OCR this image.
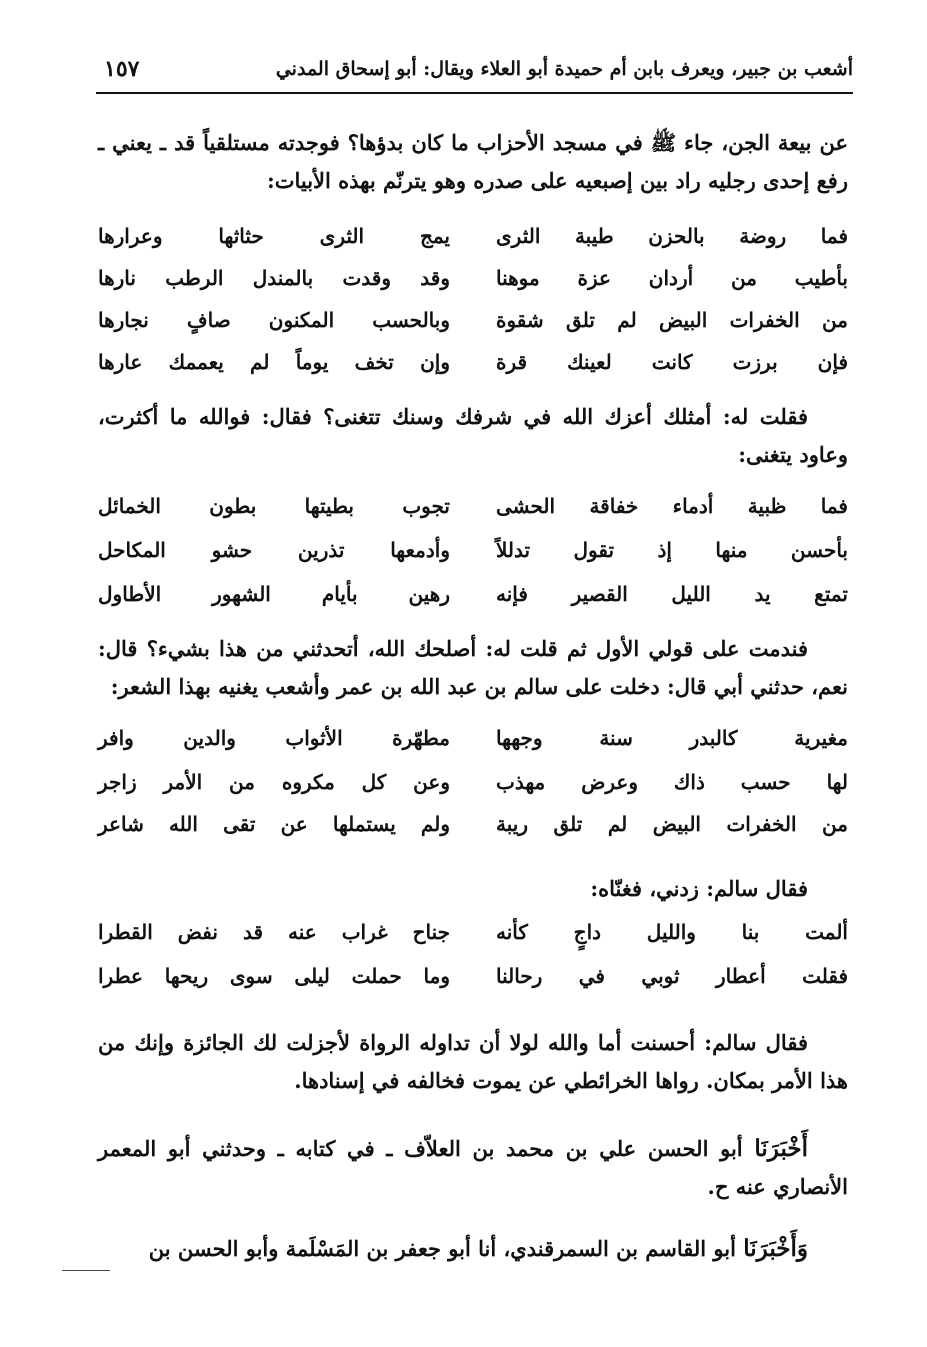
أشعب بن جبير، ويعرف بابن أم حميدة أبو العلاء ويقال: أبو إسحاق المدني
١٥٧
عن بيعة الجن، جاء ﷺ في مسجد الأحزاب ما كان بدؤها؟ فوجدته مستلقياً قد ـ يعني ـ رفع إحدى رجليه راد بين إصبعيه على صدره وهو يترنّم بهذه الأبيات:
فما روضة بالحزن طيبة الثرى
يمج الثرى حثاثها وعرارها
بأطيب من أردان عزة موهنا
وقد وقدت بالمندل الرطب نارها
من الخفرات البيض لم تلق شقوة
وبالحسب المكنون صافٍ نجارها
فإن برزت كانت لعينك قرة
وإن تخف يوماً لم يعممك عارها
فقلت له: أمثلك أعزك الله في شرفك وسنك تتغنى؟ فقال: فوالله ما أكثرت، وعاود يتغنى:
فما ظبية أدماء خفاقة الحشى
تجوب بطيتها بطون الخمائل
بأحسن منها إذ تقول تدللاً
وأدمعها تذرين حشو المكاحل
تمتع يد الليل القصير فإنه
رهين بأيام الشهور الأطاول
فندمت على قولي الأول ثم قلت له: أصلحك الله، أتحدثني من هذا بشيء؟ قال: نعم، حدثني أبي قال: دخلت على سالم بن عبد الله بن عمر وأشعب يغنيه بهذا الشعر:
مغيرية كالبدر سنة وجهها
مطهّرة الأثواب والدين وافر
لها حسب ذاك وعرض مهذب
وعن كل مكروه من الأمر زاجر
من الخفرات البيض لم تلق ريبة
ولم يستملها عن تقى الله شاعر
فقال سالم: زدني، فغنّاه:
ألمت بنا والليل داجٍ كأنه
جناح غراب عنه قد نفض القطرا
فقلت أعطار ثوبي في رحالنا
وما حملت ليلى سوى ريحها عطرا
فقال سالم: أحسنت أما والله لولا أن تداوله الرواة لأجزلت لك الجائزة وإنك من هذا الأمر بمكان. رواها الخرائطي عن يموت فخالفه في إسنادها.
أَخْبَرَنَا أبو الحسن علي بن محمد بن العلاّف ـ في كتابه ـ وحدثني أبو المعمر الأنصاري عنه ح.
وَأَخْبَرَنَا أبو القاسم بن السمرقندي، أنا أبو جعفر بن المَسْلَمة وأبو الحسن بن
